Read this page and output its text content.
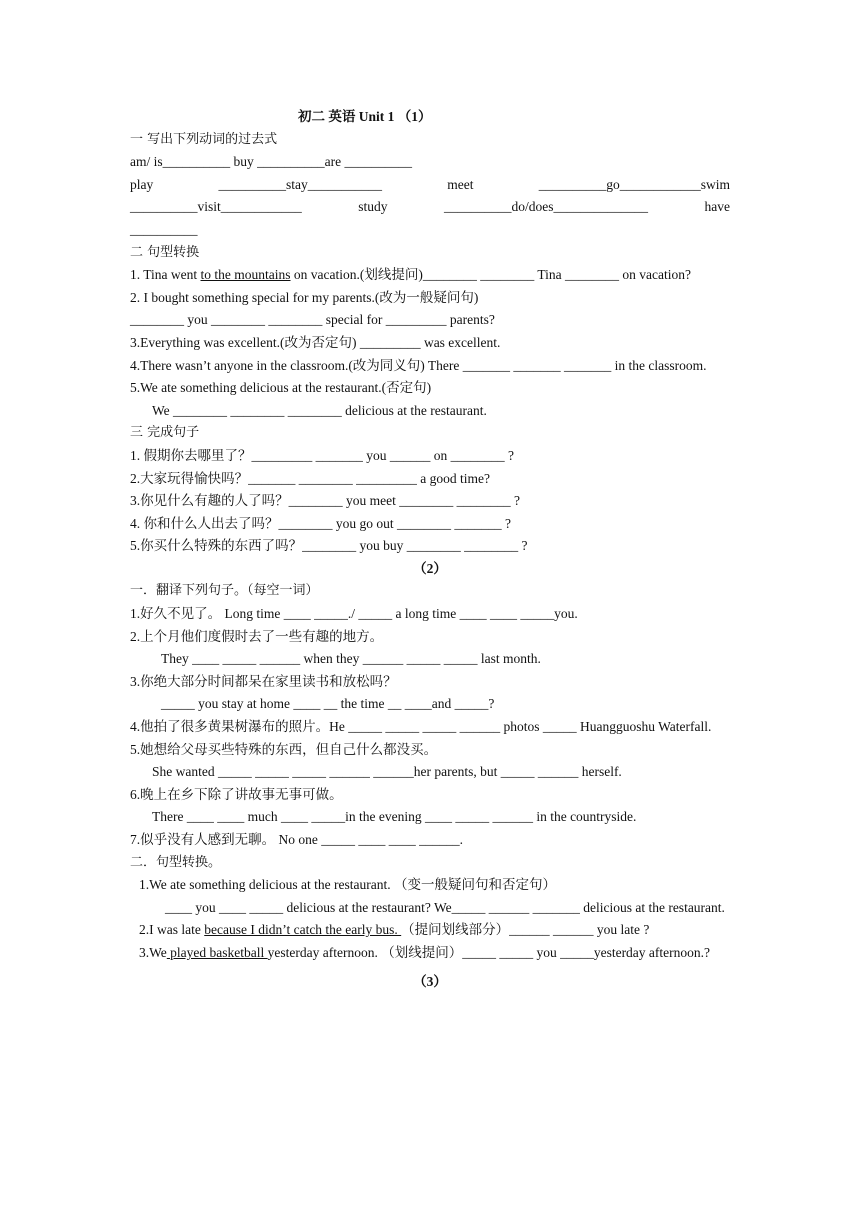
初二 英语 Unit 1 （1）
一 写出下列动词的过去式
am/ is__________ buy __________are __________
play __________stay___________ meet __________go____________swim
__________visit____________ study __________do/does______________ have
__________
二 句型转换
1. Tina went to the mountains on vacation.(划线提问)________ ________ Tina ________ on vacation?
2. I bought something special for my parents.(改为一般疑问句)
________ you ________ ________ special for _________ parents?
3.Everything was excellent.(改为否定句) _________ was excellent.
4.There wasn’t anyone in the classroom.(改为同义句) There _______ _______ _______ in the classroom.
5.We ate something delicious at the restaurant.(否定句)
We ________ ________ ________ delicious at the restaurant.
三 完成句子
1. 假期你去哪里了？_________ _______ you ______ on ________ ?
2.大家玩得愉快吗？_______ ________ _________ a good time?
3.你见什么有趣的人了吗？________ you meet ________ ________ ?
4. 你和什么人出去了吗？________ you go out ________ _______ ?
5.你买什么特殊的东西了吗？________ you buy ________ ________ ?
（2）
一．翻译下列句子。（每空一词）
1.好久不见了。 Long time ____ _____./ _____ a long time ____ ____ _____you.
2.上个月他们度假时去了一些有趣的地方。
They ____ _____ ______ when they ______ _____ _____ last month.
3.你绝大部分时间都呆在家里读书和放松吗？
_____ you stay at home ____ __ the time __ ____and _____?
4.他拍了很多黄果树瀑布的照片。He _____ _____ _____ ______ photos _____ Huangguoshu Waterfall.
5.她想给父母买些特殊的东西，但自己什么都没买。
She wanted _____ _____ _____ ______ ______her parents, but _____ ______ herself.
6.晚上在乡下除了讲故事无事可做。
There ____ ____ much ____ _____in the evening ____ _____ ______ in the countryside.
7.似乎没有人感到无聊。 No one _____ ____ ____ ______.
二．句型转换。
1.We ate something delicious at the restaurant. （变一般疑问句和否定句）
____ you ____ _____ delicious at the restaurant? We_____ ______ _______ delicious at the restaurant.
2.I was late because I didn’t catch the early bus. （提问划线部分）______ ______ you late ?
3.We played basketball yesterday afternoon. （划线提问）_____ _____ you _____yesterday afternoon.?
（3）
